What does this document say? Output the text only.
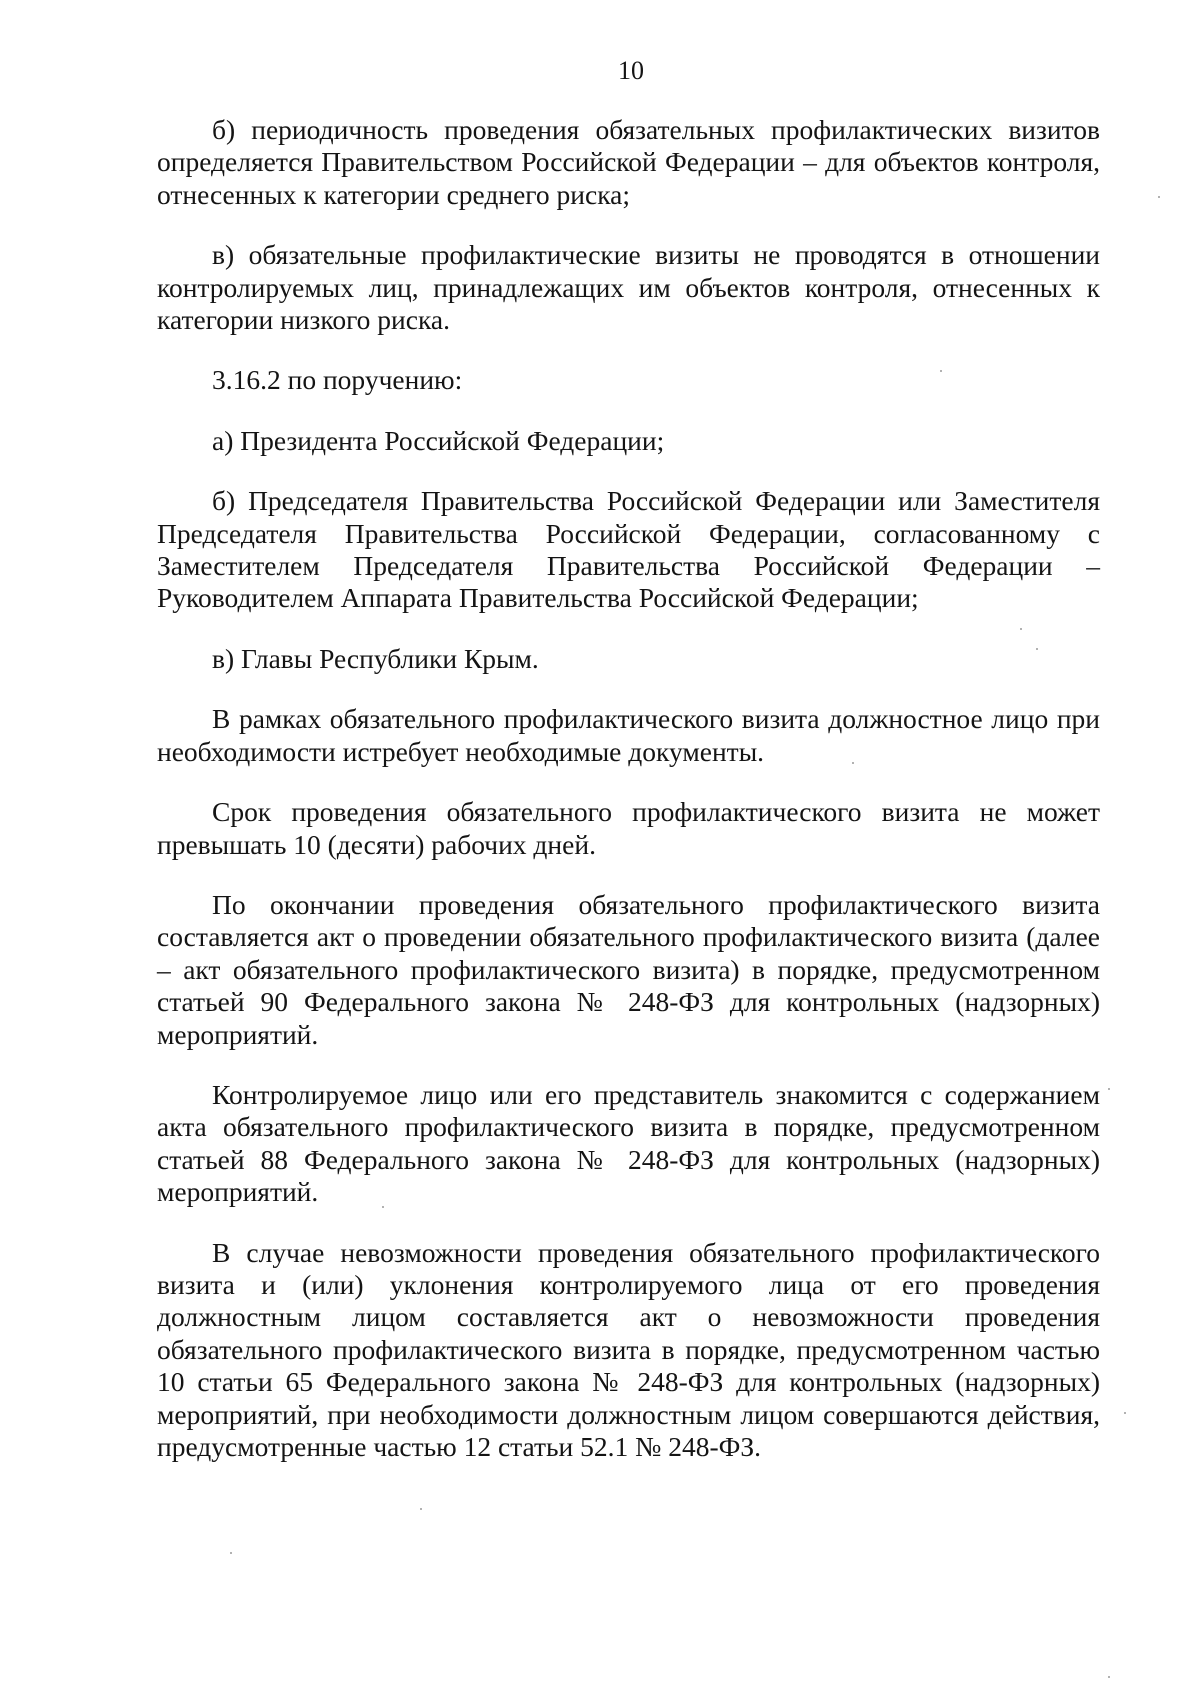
10

б) периодичность проведения обязательных профилактических визитов определяется Правительством Российской Федерации – для объектов контроля, отнесенных к категории среднего риска;

в) обязательные профилактические визиты не проводятся в отношении контролируемых лиц, принадлежащих им объектов контроля, отнесенных к категории низкого риска.

3.16.2 по поручению:

а) Президента Российской Федерации;

б) Председателя Правительства Российской Федерации или Заместителя Председателя Правительства Российской Федерации, согласованному с Заместителем Председателя Правительства Российской Федерации – Руководителем Аппарата Правительства Российской Федерации;

в) Главы Республики Крым.

В рамках обязательного профилактического визита должностное лицо при необходимости истребует необходимые документы.

Срок проведения обязательного профилактического визита не может превышать 10 (десяти) рабочих дней.

По окончании проведения обязательного профилактического визита составляется акт о проведении обязательного профилактического визита (далее – акт обязательного профилактического визита) в порядке, предусмотренном статьей 90 Федерального закона № 248-ФЗ для контрольных (надзорных) мероприятий.

Контролируемое лицо или его представитель знакомится с содержанием акта обязательного профилактического визита в порядке, предусмотренном статьей 88 Федерального закона № 248-ФЗ для контрольных (надзорных) мероприятий.

В случае невозможности проведения обязательного профилактического визита и (или) уклонения контролируемого лица от его проведения должностным лицом составляется акт о невозможности проведения обязательного профилактического визита в порядке, предусмотренном частью 10 статьи 65 Федерального закона № 248-ФЗ для контрольных (надзорных) мероприятий, при необходимости должностным лицом совершаются действия, предусмотренные частью 12 статьи 52.1 № 248-ФЗ.
